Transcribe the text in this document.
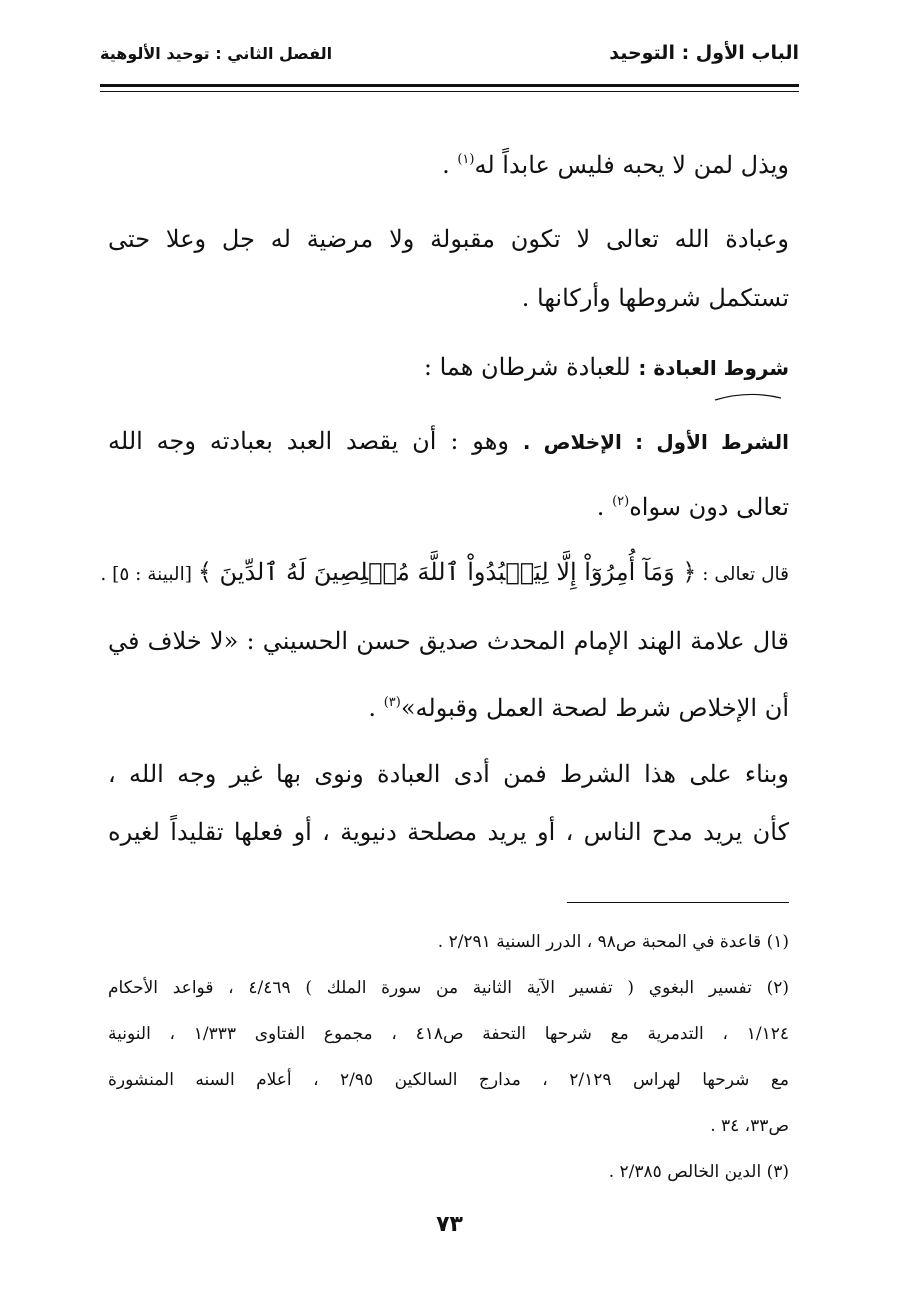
الباب الأول : التوحيد
الفصل الثاني : توحيد الألوهية
ويذل لمن لا يحبه فليس عابداً له$^{(١)}$ .
وعبادة الله تعالى لا تكون مقبولة ولا مرضية له جل وعلا حتى
تستكمل شروطها وأركانها .
شروط العبادة : للعبادة شرطان هما :
الشرط الأول : الإخلاص . وهو : أن يقصد العبد بعبادته وجه الله
تعالى دون سواه$^{(٢)}$ .
قال تعالى : ﴿ وَمَآ أُمِرُوٓاْ إِلَّا لِيَعۡبُدُواْ ٱللَّهَ مُخۡلِصِينَ لَهُ ٱلدِّينَ ﴾ [البينة : ٥] .
قال علامة الهند الإمام المحدث صديق حسن الحسيني : «لا خلاف في
أن الإخلاص شرط لصحة العمل وقبوله»$^{(٣)}$ .
وبناء على هذا الشرط فمن أدى العبادة ونوى بها غير وجه الله ،
كأن يريد مدح الناس ، أو يريد مصلحة دنيوية ، أو فعلها تقليداً لغيره
(١) قاعدة في المحبة ص٩٨ ، الدرر السنية ٢/٢٩١ .
(٢) تفسير البغوي ( تفسير الآية الثانية من سورة الملك ) ٤/٤٦٩ ، قواعد الأحكام
١/١٢٤ ، التدمرية مع شرحها التحفة ص٤١٨ ، مجموع الفتاوى ١/٣٣٣ ، النونية
مع شرحها لهراس ٢/١٢٩ ، مدارج السالكين ٢/٩٥ ، أعلام السنه المنشورة
ص٣٣، ٣٤ .
(٣) الدين الخالص ٢/٣٨٥ .
٧٣
